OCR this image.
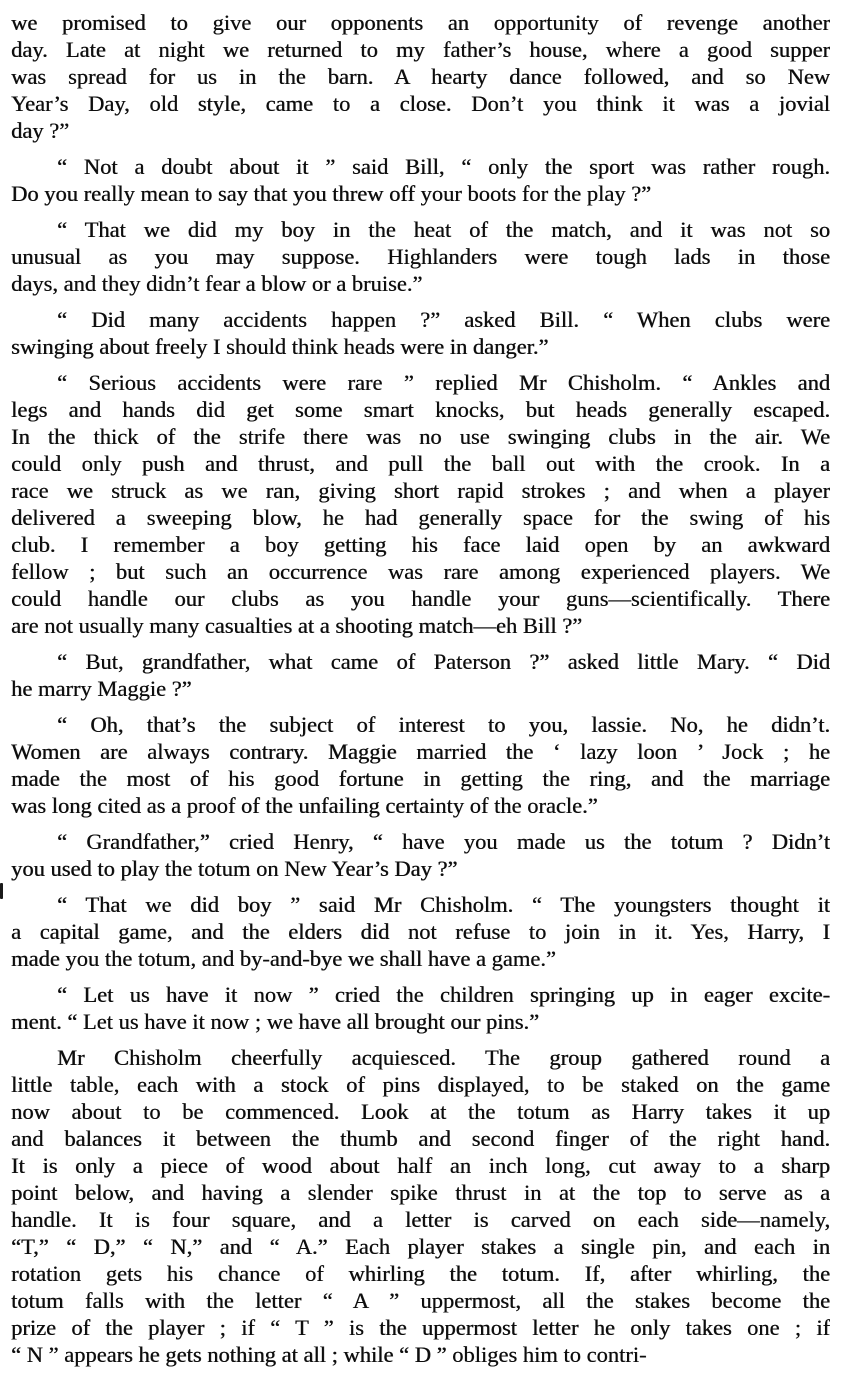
we promised to give our opponents an opportunity of revenge another
day. Late at night we returned to my father’s house, where a good supper
was spread for us in the barn. A hearty dance followed, and so New
Year’s Day, old style, came to a close. Don’t you think it was a jovial
day ?”
“ Not a doubt about it ” said Bill, “ only the sport was rather rough.
Do you really mean to say that you threw off your boots for the play ?”
“ That we did my boy in the heat of the match, and it was not so
unusual as you may suppose. Highlanders were tough lads in those
days, and they didn’t fear a blow or a bruise.”
“ Did many accidents happen ?” asked Bill. “ When clubs were
swinging about freely I should think heads were in danger.”
“ Serious accidents were rare ” replied Mr Chisholm. “ Ankles and
legs and hands did get some smart knocks, but heads generally escaped.
In the thick of the strife there was no use swinging clubs in the air. We
could only push and thrust, and pull the ball out with the crook. In a
race we struck as we ran, giving short rapid strokes ; and when a player
delivered a sweeping blow, he had generally space for the swing of his
club. I remember a boy getting his face laid open by an awkward
fellow ; but such an occurrence was rare among experienced players. We
could handle our clubs as you handle your guns—scientifically. There
are not usually many casualties at a shooting match—eh Bill ?”
“ But, grandfather, what came of Paterson ?” asked little Mary. “ Did
he marry Maggie ?”
“ Oh, that’s the subject of interest to you, lassie. No, he didn’t.
Women are always contrary. Maggie married the ‘ lazy loon ’ Jock ; he
made the most of his good fortune in getting the ring, and the marriage
was long cited as a proof of the unfailing certainty of the oracle.”
“ Grandfather,” cried Henry, “ have you made us the totum ? Didn’t
you used to play the totum on New Year’s Day ?”
“ That we did boy ” said Mr Chisholm. “ The youngsters thought it
a capital game, and the elders did not refuse to join in it. Yes, Harry, I
made you the totum, and by-and-bye we shall have a game.”
“ Let us have it now ” cried the children springing up in eager excite-
ment. “ Let us have it now ; we have all brought our pins.”
Mr Chisholm cheerfully acquiesced. The group gathered round a
little table, each with a stock of pins displayed, to be staked on the game
now about to be commenced. Look at the totum as Harry takes it up
and balances it between the thumb and second finger of the right hand.
It is only a piece of wood about half an inch long, cut away to a sharp
point below, and having a slender spike thrust in at the top to serve as a
handle. It is four square, and a letter is carved on each side—namely,
“T,” “ D,” “ N,” and “ A.” Each player stakes a single pin, and each in
rotation gets his chance of whirling the totum. If, after whirling, the
totum falls with the letter “ A ” uppermost, all the stakes become the
prize of the player ; if “ T ” is the uppermost letter he only takes one ; if
“ N ” appears he gets nothing at all ; while “ D ” obliges him to contri-
